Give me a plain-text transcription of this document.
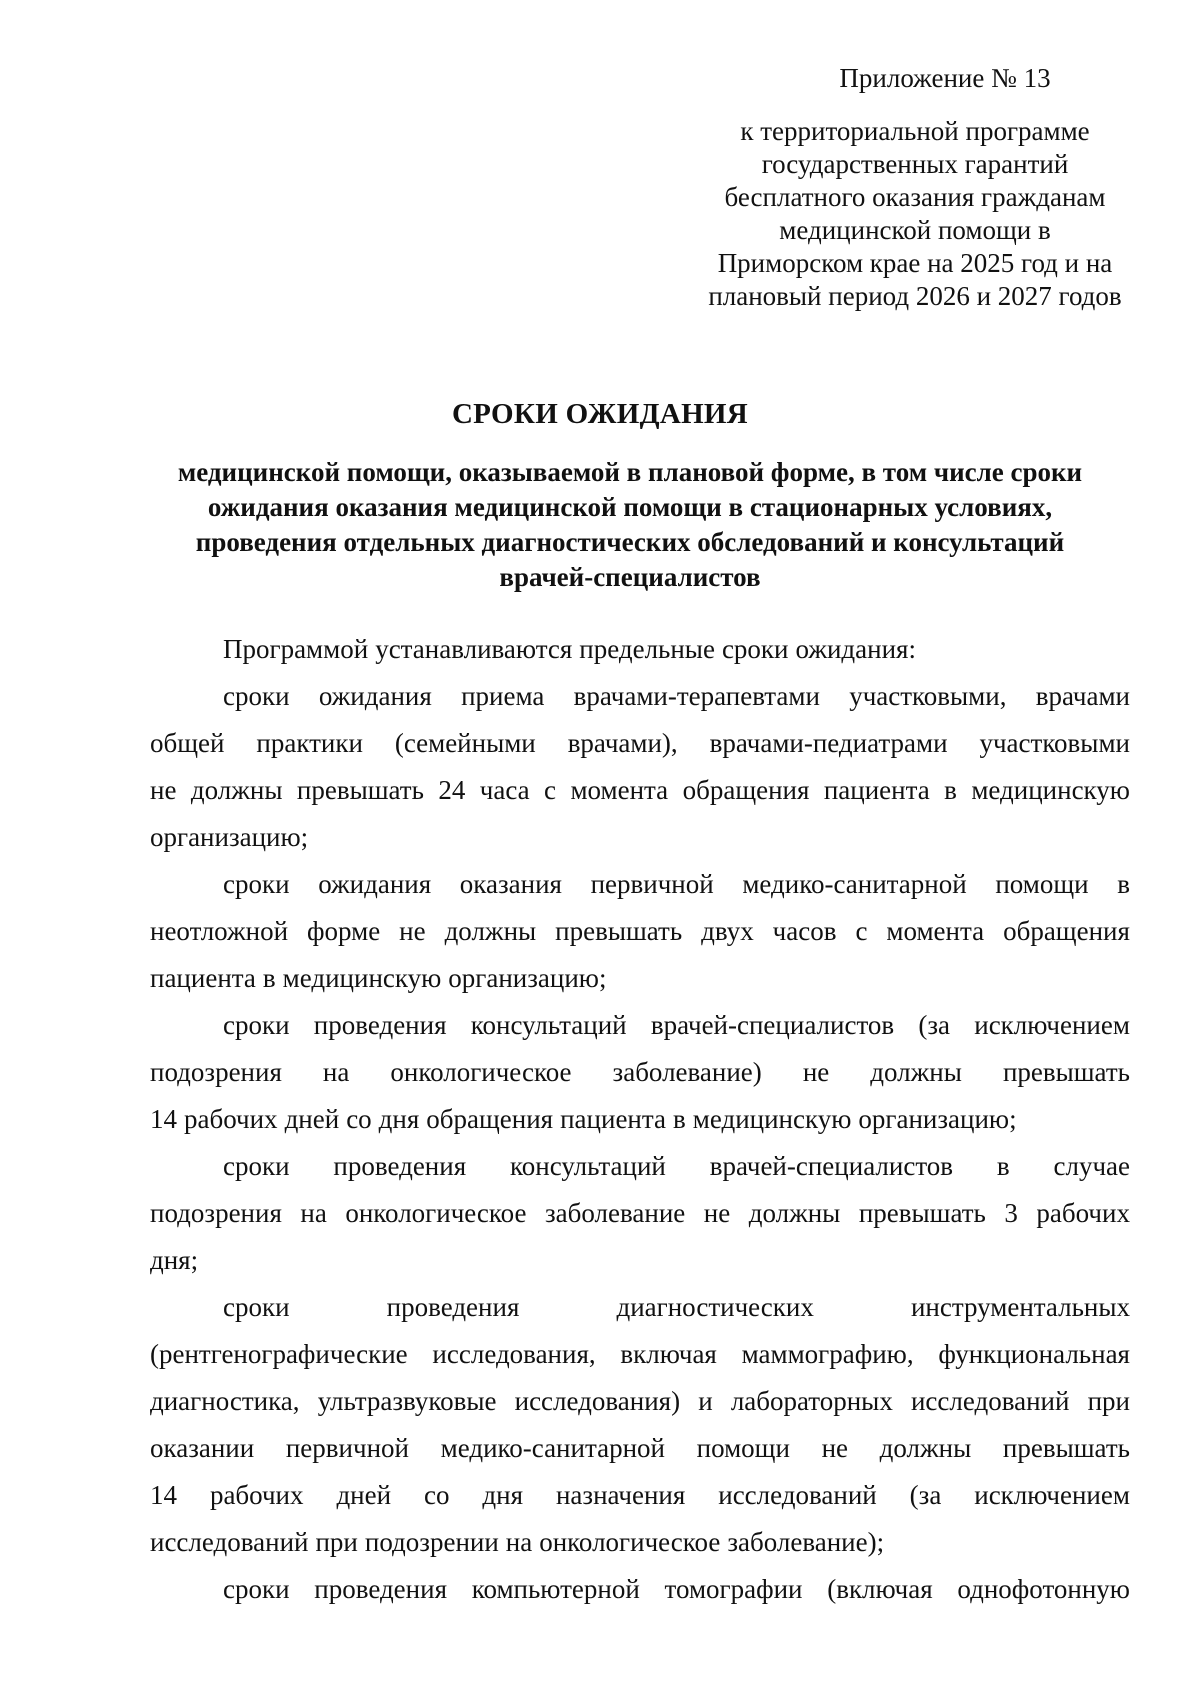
Приложение № 13
к территориальной программе
государственных гарантий
бесплатного оказания гражданам
медицинской помощи в
Приморском крае на 2025 год и на
плановый период 2026 и 2027 годов
СРОКИ ОЖИДАНИЯ
медицинской помощи, оказываемой в плановой форме, в том числе сроки
ожидания оказания медицинской помощи в стационарных условиях,
проведения отдельных диагностических обследований и консультаций
врачей-специалистов
Программой устанавливаются предельные сроки ожидания:
сроки ожидания приема врачами-терапевтами участковыми, врачами
общей практики (семейными врачами), врачами-педиатрами участковыми
не должны превышать 24 часа с момента обращения пациента в медицинскую
организацию;
сроки ожидания оказания первичной медико-санитарной помощи в
неотложной форме не должны превышать двух часов с момента обращения
пациента в медицинскую организацию;
сроки проведения консультаций врачей-специалистов (за исключением
подозрения на онкологическое заболевание) не должны превышать
14 рабочих дней со дня обращения пациента в медицинскую организацию;
сроки проведения консультаций врачей-специалистов в случае
подозрения на онкологическое заболевание не должны превышать 3 рабочих
дня;
сроки	проведения	диагностических	инструментальных
(рентгенографические исследования, включая маммографию, функциональная
диагностика, ультразвуковые исследования) и лабораторных исследований при
оказании первичной медико-санитарной помощи не должны превышать
14 рабочих дней со дня назначения исследований (за исключением
исследований при подозрении на онкологическое заболевание);
сроки проведения компьютерной томографии (включая однофотонную
